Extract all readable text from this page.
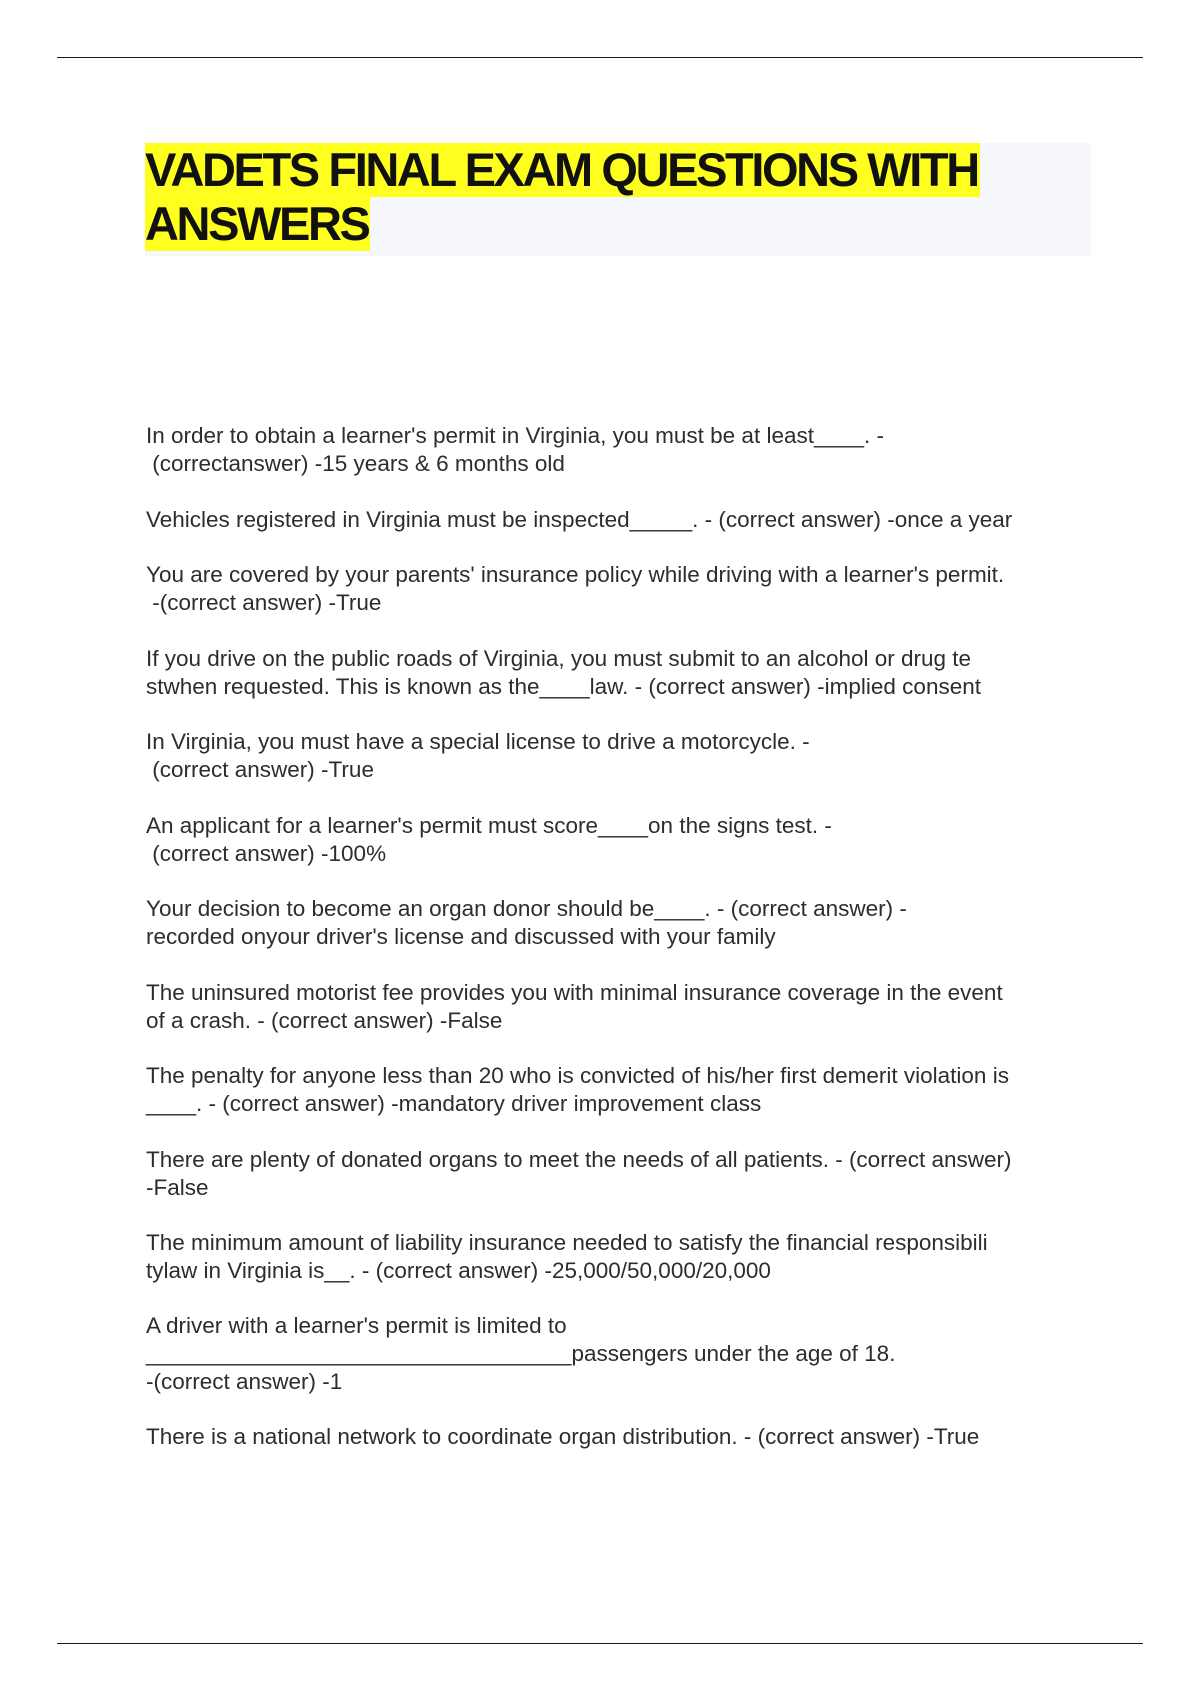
VADETS FINAL EXAM QUESTIONS WITH
ANSWERS

In order to obtain a learner's permit in Virginia, you must be at least____. -

(correctanswer) -15 years & 6 months old

Vehicles registered in Virginia must be inspected_____. - (correct answer) -once a year

You are covered by your parents' insurance policy while driving with a learner's permit.

-(correct answer) -True

If you drive on the public roads of Virginia, you must submit to an alcohol or drug te

stwhen requested. This is known as the____law. - (correct answer) -implied consent

In Virginia, you must have a special license to drive a motorcycle. -

(correct answer) -True

An applicant for a learner's permit must score____on the signs test. -

(correct answer) -100%

Your decision to become an organ donor should be____. - (correct answer) -

recorded onyour driver's license and discussed with your family

The uninsured motorist fee provides you with minimal insurance coverage in the event

of a crash. - (correct answer) -False

The penalty for anyone less than 20 who is convicted of his/her first demerit violation is

____. - (correct answer) -mandatory driver improvement class

There are plenty of donated organs to meet the needs of all patients. - (correct answer)

-False

The minimum amount of liability insurance needed to satisfy the financial responsibili

tylaw in Virginia is__. - (correct answer) -25,000/50,000/20,000

A driver with a learner's permit is limited to

__________________________________passengers under the age of 18.

-(correct answer) -1

There is a national network to coordinate organ distribution. - (correct answer) -True
